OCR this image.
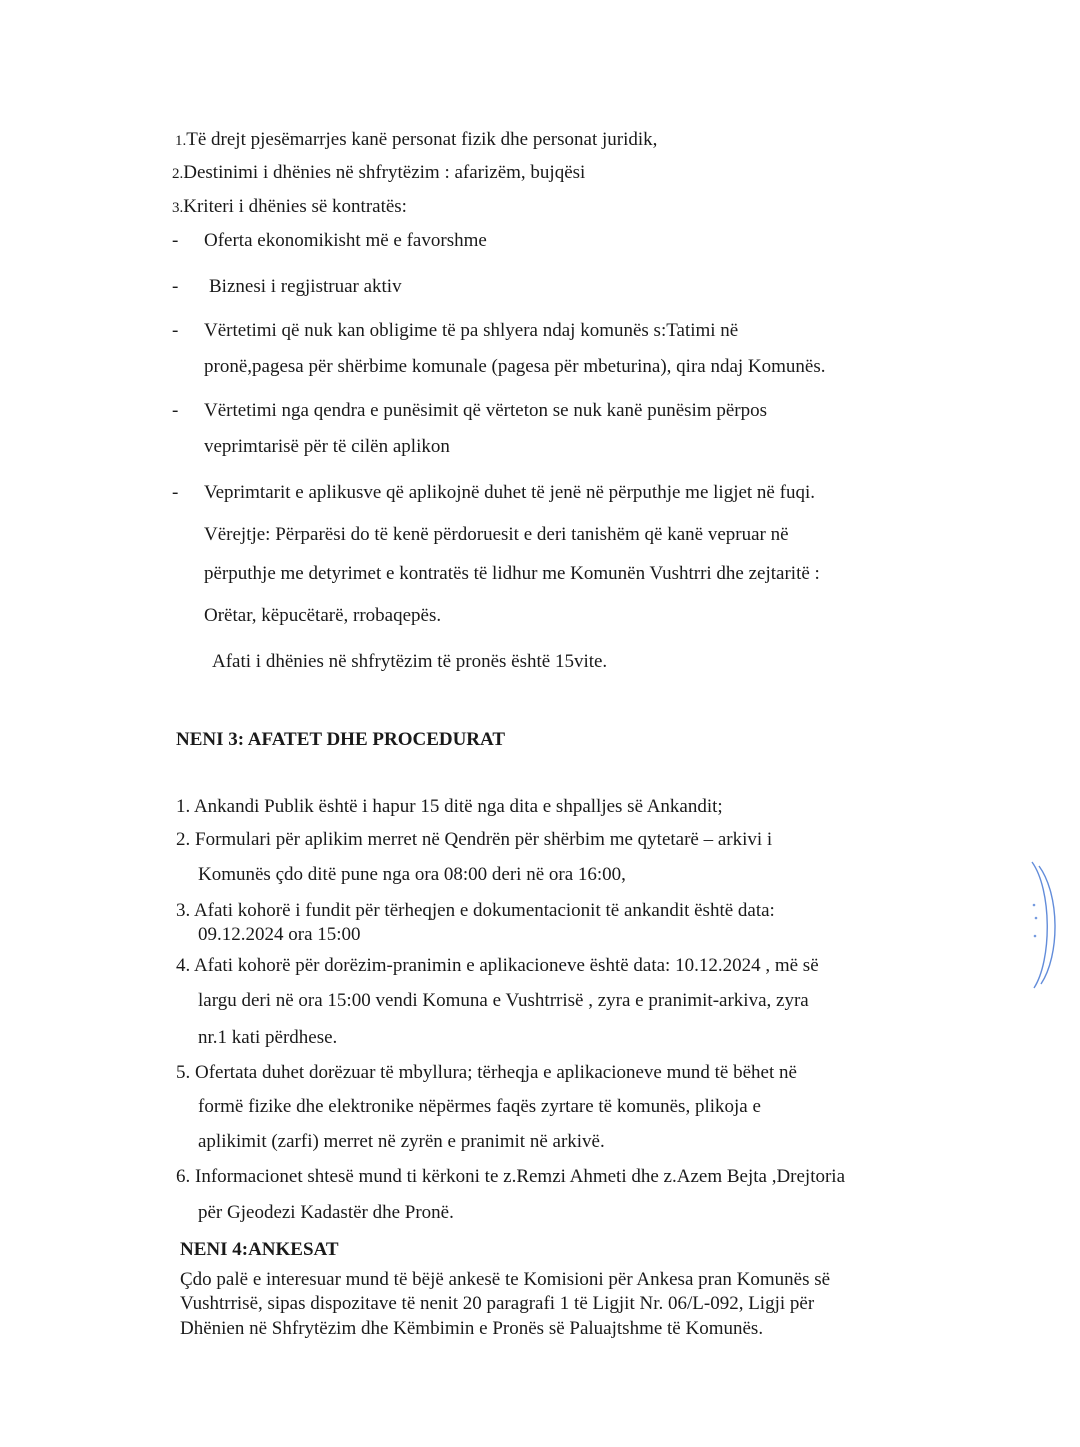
1.Të drejt pjesëmarrjes kanë personat fizik dhe personat juridik,
2.Destinimi i dhënies në shfrytëzim : afarizëm, bujqësi
3.Kriteri i dhënies së kontratës:
- Oferta ekonomikisht më e favorshme
- Biznesi i regjistruar aktiv
- Vërtetimi që nuk kan obligime të pa shlyera ndaj komunës s:Tatimi në
pronë,pagesa për shërbime komunale (pagesa për mbeturina), qira ndaj Komunës.
- Vërtetimi nga qendra e punësimit që vërteton se nuk kanë punësim përpos
veprimtarisë për të cilën aplikon
- Veprimtarit e aplikusve që aplikojnë duhet të jenë në përputhje me ligjet në fuqi.
Vërejtje: Përparësi do të kenë përdoruesit e deri tanishëm që kanë vepruar në
përputhje me detyrimet e kontratës të lidhur me Komunën Vushtrri dhe zejtaritë :
Orëtar, këpucëtarë, rrobaqepës.
Afati i dhënies në shfrytëzim të pronës është 15vite.
NENI 3: AFATET DHE PROCEDURAT
1. Ankandi Publik është i hapur 15 ditë nga dita e shpalljes së Ankandit;
2. Formulari për aplikim merret në Qendrën për shërbim me qytetarë – arkivi i
Komunës çdo ditë pune nga ora 08:00 deri në ora 16:00,
3. Afati kohorë i fundit për tërheqjen e dokumentacionit të ankandit është data:
09.12.2024 ora 15:00
4. Afati kohorë për dorëzim-pranimin e aplikacioneve është data: 10.12.2024 , më së
largu deri në ora 15:00 vendi Komuna e Vushtrrisë , zyra e pranimit-arkiva, zyra
nr.1 kati përdhese.
5. Ofertata duhet dorëzuar të mbyllura; tërheqja e aplikacioneve mund të bëhet në
formë fizike dhe elektronike nëpërmes faqës zyrtare të komunës, plikoja e
aplikimit (zarfi) merret në zyrën e pranimit në arkivë.
6. Informacionet shtesë mund ti kërkoni te z.Remzi Ahmeti dhe z.Azem Bejta ,Drejtoria
për Gjeodezi Kadastër dhe Pronë.
NENI 4:ANKESAT
Çdo palë e interesuar mund të bëjë ankesë te Komisioni për Ankesa pran Komunës së
Vushtrrisë, sipas dispozitave të nenit 20 paragrafi 1 të Ligjit Nr. 06/L-092, Ligji për
Dhënien në Shfrytëzim dhe Këmbimin e Pronës së Paluajtshme të Komunës.
